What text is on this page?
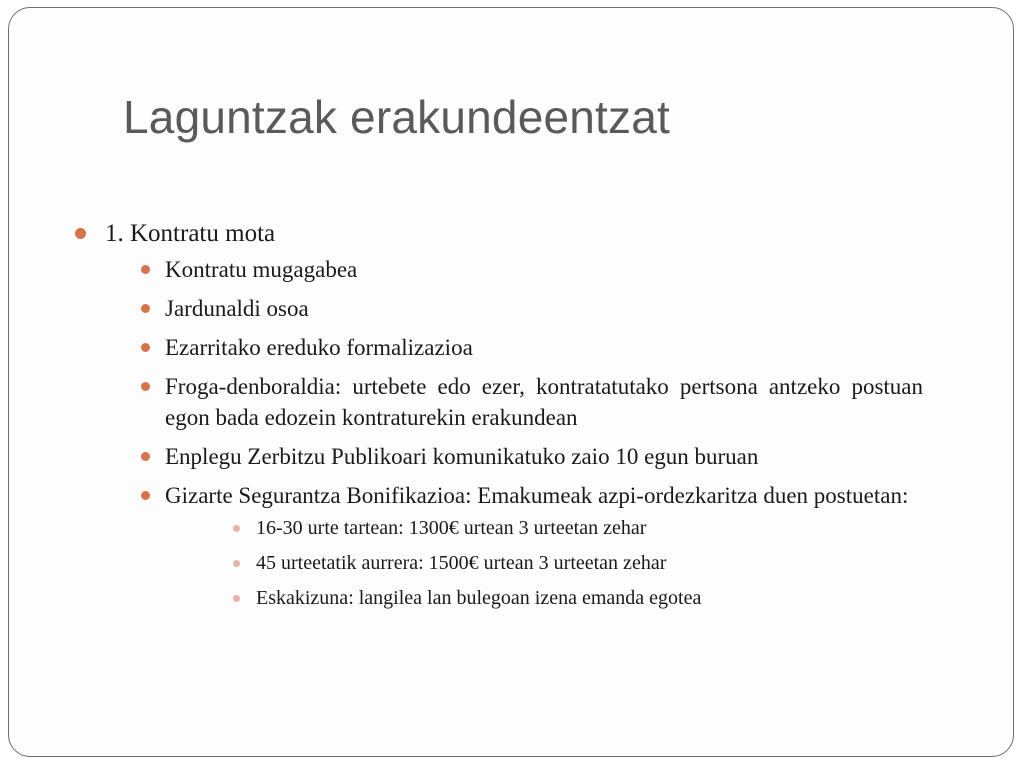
Laguntzak erakundeentzat
1. Kontratu mota
Kontratu mugagabea
Jardunaldi osoa
Ezarritako ereduko formalizazioa
Froga-denboraldia: urtebete edo ezer, kontratatutako pertsona antzeko postuan egon bada edozein kontraturekin erakundean
Enplegu Zerbitzu Publikoari komunikatuko zaio 10 egun buruan
Gizarte Segurantza Bonifikazioa: Emakumeak azpi-ordezkaritza duen postuetan:
16-30 urte tartean: 1300€ urtean 3 urteetan zehar
45 urteetatik aurrera: 1500€ urtean 3 urteetan zehar
Eskakizuna: langilea lan bulegoan izena emanda egotea
